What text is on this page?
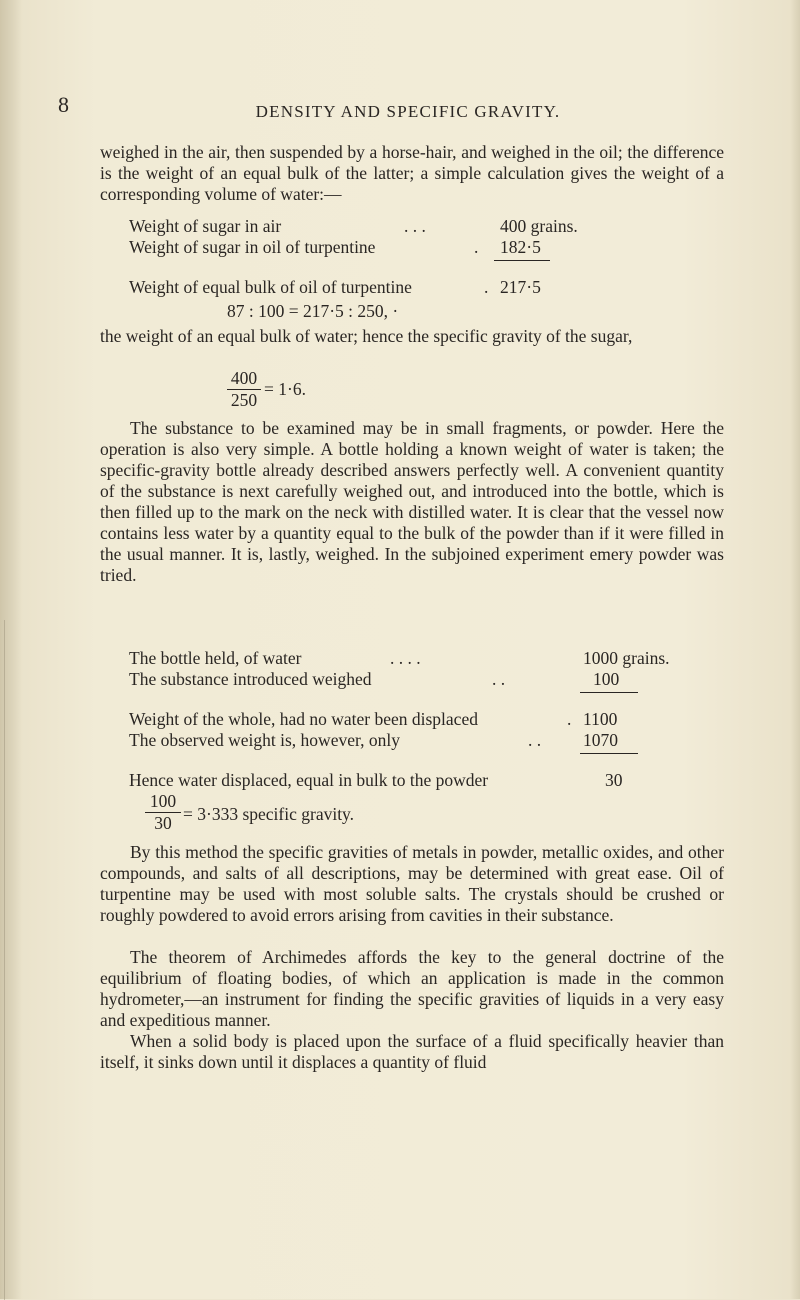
8	DENSITY AND SPECIFIC GRAVITY.

weighed in the air, then suspended by a horse-hair, and weighed in the oil; the difference is the weight of an equal bulk of the latter; a simple calculation gives the weight of a corresponding volume of water:—

Weight of sugar in air	. . .	400 grains.
Weight of sugar in oil of turpentine	. 182·5
Weight of equal bulk of oil of turpentine	. 217·5
87 : 100 = 217·5 : 250, ·

the weight of an equal bulk of water; hence the specific gravity of the sugar,

400
250
= 1·6.

The substance to be examined may be in small fragments, or powder. Here the operation is also very simple. A bottle holding a known weight of water is taken; the specific-gravity bottle already described answers perfectly well. A convenient quantity of the substance is next carefully weighed out, and introduced into the bottle, which is then filled up to the mark on the neck with distilled water. It is clear that the vessel now contains less water by a quantity equal to the bulk of the powder than if it were filled in the usual manner. It is, lastly, weighed. In the subjoined experiment emery powder was tried.

The bottle held, of water	. . . .	1000 grains.
The substance introduced weighed	. .	100
Weight of the whole, had no water been displaced	. 1100
The observed weight is, however, only	. . 1070
Hence water displaced, equal in bulk to the powder	30
100
30 = 3·333 specific gravity.

By this method the specific gravities of metals in powder, metallic oxides, and other compounds, and salts of all descriptions, may be determined with great ease. Oil of turpentine may be used with most soluble salts. The crystals should be crushed or roughly powdered to avoid errors arising from cavities in their substance.

The theorem of Archimedes affords the key to the general doctrine of the equilibrium of floating bodies, of which an application is made in the common hydrometer,—an instrument for finding the specific gravities of liquids in a very easy and expeditious manner.

When a solid body is placed upon the surface of a fluid specifically heavier than itself, it sinks down until it displaces a quantity of fluid
